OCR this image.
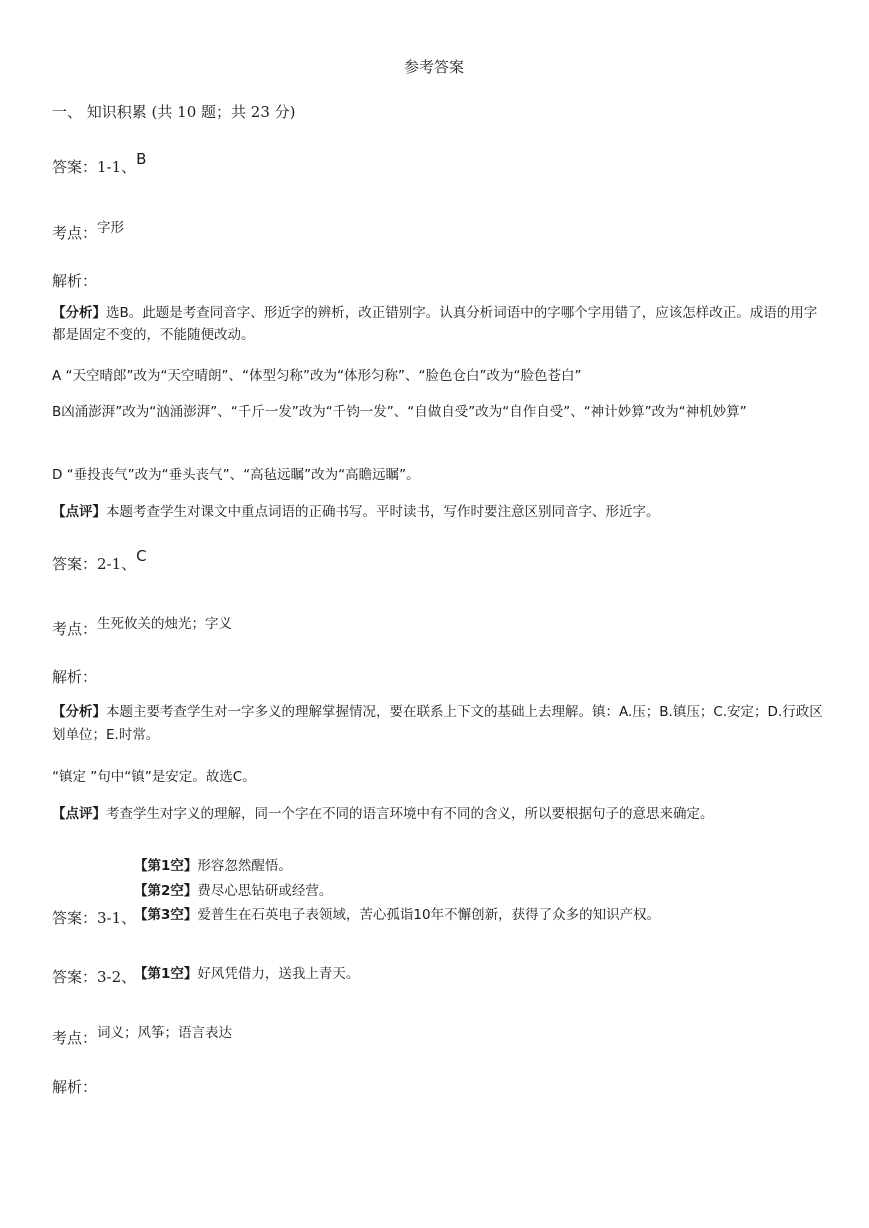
参考答案
一、 知识积累 (共 10 题；共 23 分)
答案：1-1、B
考点：字形
解析：
【分析】选B。此题是考查同音字、形近字的辨析，改正错别字。认真分析词语中的字哪个字用错了，应该怎样改正。成语的用字都是固定不变的，不能随便改动。
A “天空晴郎”改为“天空晴朗”、“体型匀称”改为“体形匀称”、“脸色仓白”改为“脸色苍白”
B凶涌澎湃”改为“汹涌澎湃”、“千斤一发”改为“千钧一发”、“自做自受”改为“自作自受”、“神计妙算”改为“神机妙算”
D “垂投丧气”改为“垂头丧气”、“高毡远瞩”改为“高瞻远瞩”。
【点评】本题考查学生对课文中重点词语的正确书写。平时读书，写作时要注意区别同音字、形近字。
答案：2-1、C
考点：生死攸关的烛光；字义
解析：
【分析】本题主要考查学生对一字多义的理解掌握情况，要在联系上下文的基础上去理解。镇：A.压；B.镇压；C.安定；D.行政区划单位；E.时常。
“镇定 ”句中“镇”是安定。故选C。
【点评】考查学生对字义的理解，同一个字在不同的语言环境中有不同的含义，所以要根据句子的意思来确定。
【第1空】形容忽然醒悟。
【第2空】费尽心思钻研或经营。
答案：3-1、
【第3空】爱普生在石英电子表领域，苦心孤诣10年不懈创新，获得了众多的知识产权。
答案：3-2、
【第1空】好风凭借力，送我上青天。
考点：词义；风筝；语言表达
解析：
